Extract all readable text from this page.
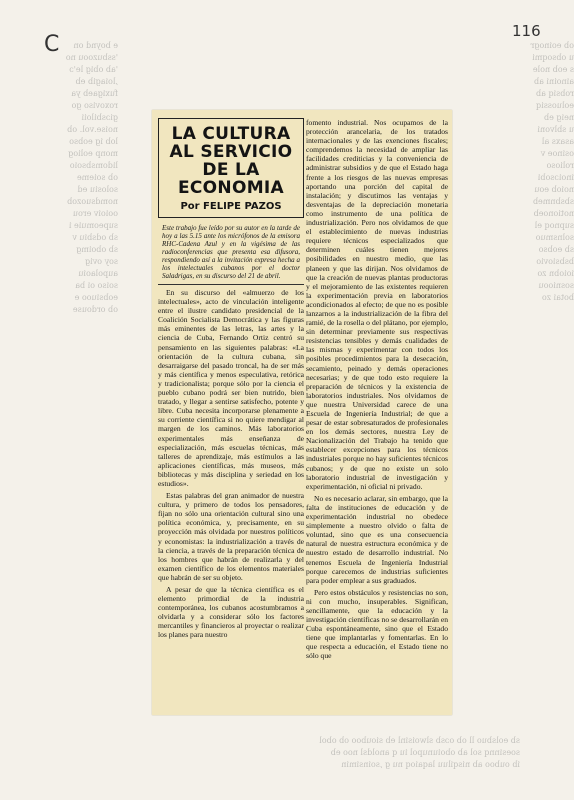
e boynd on
'ssbuzoou no
'ab obig le'ɔ
,loiagib eb
fuxigaeb ya
roxoviso go
giɔsbiloii
noise.vol. ob
lob ig eobso
monp eoliog
lidomsbsoio
ob soieme
solosiu ed
nomdsuozob
ooioiv erou
supeomuie i
sb odsbiu v
sb oboimg
soy ovig
aupolaoiu
soiso oi ba
eobsiuoo e
ob ordouse
ob eoinogr
u obsoqmi
s eob nole
ainoini ab
robsiq ab
eoluossiq
neig eb
u sblvoni
asaxs al
osinoe v
rolioso
inoiɔsobi
noiob eou
sbsbnmeb
notionoeb
supnoq el
solnsmuo
sb eobso
bsbsiovio
ioiobn zo
sosnioou
botai zo
sb eolsbuo ll ob oɔsb slwoisinl eb siouboo ob obol
soesinnq sol ab oboiunupol iu q anoldsl noo eb
ib ouboo ab nisqiluu laqaioq nu g ,soinsimin
C
116
LA CULTURA AL SERVICIO DE LA ECONOMIA
Por FELIPE PAZOS
Este trabajo fue leído por su autor en la tarde de hoy a las 5.15 ante los micrófonos de la emisora RHC-Cadena Azul y en la vigésima de las radioconferencias que presenta esa difusora, respondiendo así a la invitación expresa hecha a los intelectuales cubanos por el doctor Saladrigas, en su discurso del 21 de abril.

En su discurso del «almuerzo de los intelectuales», acto de vinculación inteligente entre el ilustre candidato presidencial de la Coalición Socialista Democrática y las figuras más eminentes de las letras, las artes y la ciencia de Cuba, Fernando Ortiz centró su pensamiento en las siguientes palabras: «La orientación de la cultura cubana, sin desarraigarse del pasado troncal, ha de ser más y más científica y menos especulativa, retórica y tradicionalista; porque sólo por la ciencia el pueblo cubano podrá ser bien nutrido, bien tratado, y llegar a sentirse satisfecho, potente y libre. Cuba necesita incorporarse plenamente a su corriente científica si no quiere mendigar al margen de los caminos. Más laboratorios experimentales más enseñanza de especialización, más escuelas técnicas, más talleres de aprendizaje, más estímulos a las aplicaciones científicas, más museos, más bibliotecas y más disciplina y seriedad en los estudios».

Estas palabras del gran animador de nuestra cultura, y primero de todos los pensadores, fijan no sólo una orientación cultural sino una política económica, y, precisamente, en su proyección más olvidada por nuestros políticos y economistas: la industrialización a través de la ciencia, a través de la preparación técnica de los hombres que habrán de realizarla y del examen científico de los elementos materiales que habrán de ser su objeto.

A pesar de que la técnica científica es el elemento primordial de la industria contemporánea, los cubanos acostumbramos a olvidarla y a considerar sólo los factores mercantiles y financieros al proyectar o realizar los planes para nuestro

fomento industrial. Nos ocupamos de la protección arancelaria, de los tratados internacionales y de las exenciones fiscales; comprendemos la necesidad de ampliar las facilidades crediticias y la conveniencia de administrar subsidios y de que el Estado haga frente a los riesgos de las nuevas empresas aportando una porción del capital de instalación; y discutimos las ventajas y desventajas de la depreciación monetaria como instrumento de una política de industrialización. Pero nos olvidamos de que el establecimiento de nuevas industrias requiere técnicos especializados que determinen cuáles tienen mejores posibilidades en nuestro medio, que las planeen y que las dirijan. Nos olvidamos de que la creación de nuevas plantas productoras y el mejoramiento de las existentes requieren la experimentación previa en laboratorios acondicionados al efecto; de que no es posible lanzarnos a la industrialización de la fibra del ramié, de la rosella o del plátano, por ejemplo, sin determinar previamente sus respectivas resistencias tensibles y demás cualidades de las mismas y experimentar con todos los posibles procedimientos para la desecación, secamiento, peinado y demás operaciones necesarias; y de que todo esto requiere la preparación de técnicos y la existencia de laboratorios industriales. Nos olvidamos de que nuestra Universidad carece de una Escuela de Ingeniería Industrial; de que a pesar de estar sobresaturados de profesionales en los demás sectores, nuestra Ley de Nacionalización del Trabajo ha tenido que establecer excepciones para los técnicos industriales porque no hay suficientes técnicos cubanos; y de que no existe un solo laboratorio industrial de investigación y experimentación, ni oficial ni privado.

No es necesario aclarar, sin embargo, que la falta de instituciones de educación y de experimentación industrial no obedece simplemente a nuestro olvido o falta de voluntad, sino que es una consecuencia natural de nuestra estructura económica y de nuestro estado de desarrollo industrial. No tenemos Escuela de Ingeniería Industrial porque carecemos de industrias suficientes para poder emplear a sus graduados.

Pero estos obstáculos y resistencias no son, ni con mucho, insuperables. Significan, sencillamente, que la educación y la investigación científicas no se desarrollarán en Cuba espontáneamente, sino que el Estado tiene que implantarlas y fomentarlas. En lo que respecta a educación, el Estado tiene no sólo que
